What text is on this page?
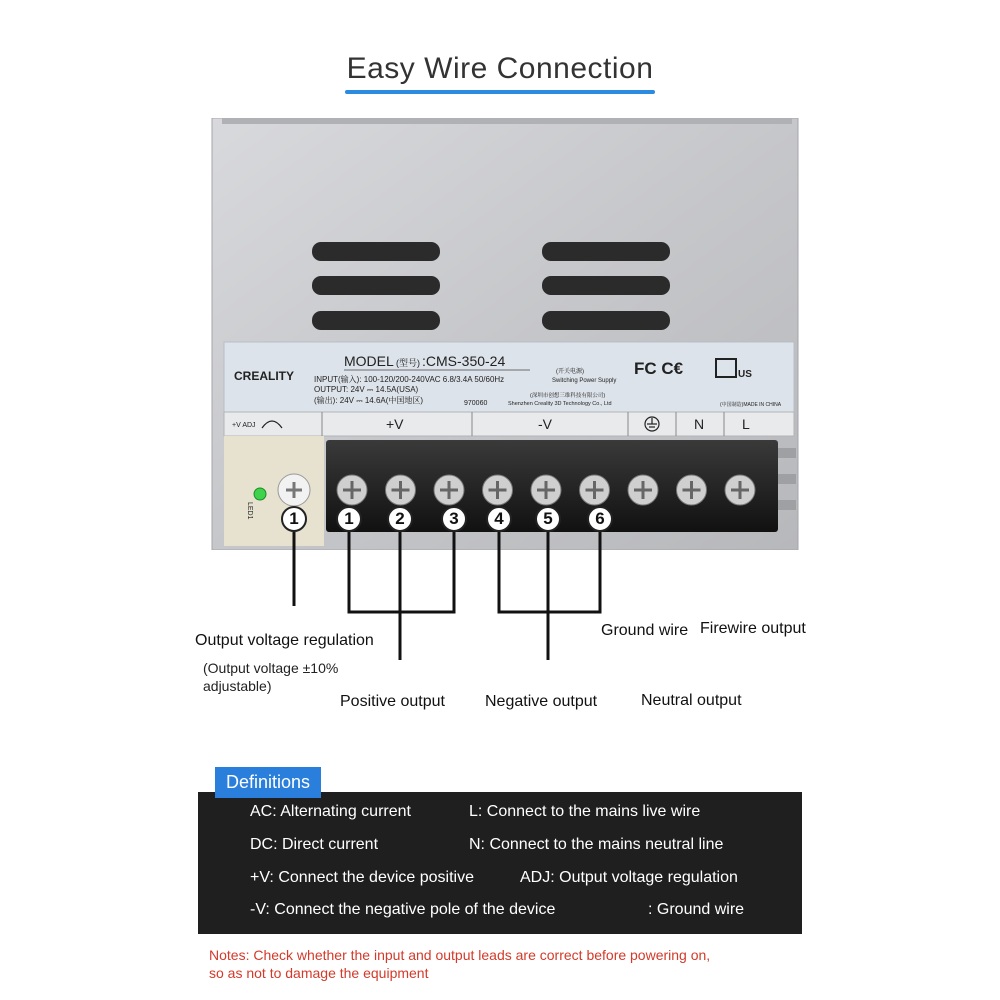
Easy Wire Connection
CREALITY
MODEL (型号) :CMS-350-24
INPUT(输入): 100-120/200-240VAC 6.8/3.4A 50/60Hz
OUTPUT: 24V ⎓ 14.5A(USA)
(输出): 24V ⎓ 14.6A(中国地区)	970060
(开关电源)
Switching Power Supply
(深圳市创想三维科技有限公司)
Shenzhen Creality 3D Technology Co., Ltd
FC C€	US
(中国制造)MADE IN CHINA
+V ADJ	+V	-V	N	L
LED1	1	1	2	3	4	5	6
Output voltage regulation
(Output voltage ±10%
adjustable)
Positive output	Negative output	Neutral output
Ground wire Firewire output
Definitions
AC: Alternating current	L: Connect to the mains live wire
DC: Direct current	N: Connect to the mains neutral line
+V: Connect the device positive	ADJ: Output voltage regulation
-V: Connect the negative pole of the device	: Ground wire
Notes: Check whether the input and output leads are correct before powering on,
so as not to damage the equipment
